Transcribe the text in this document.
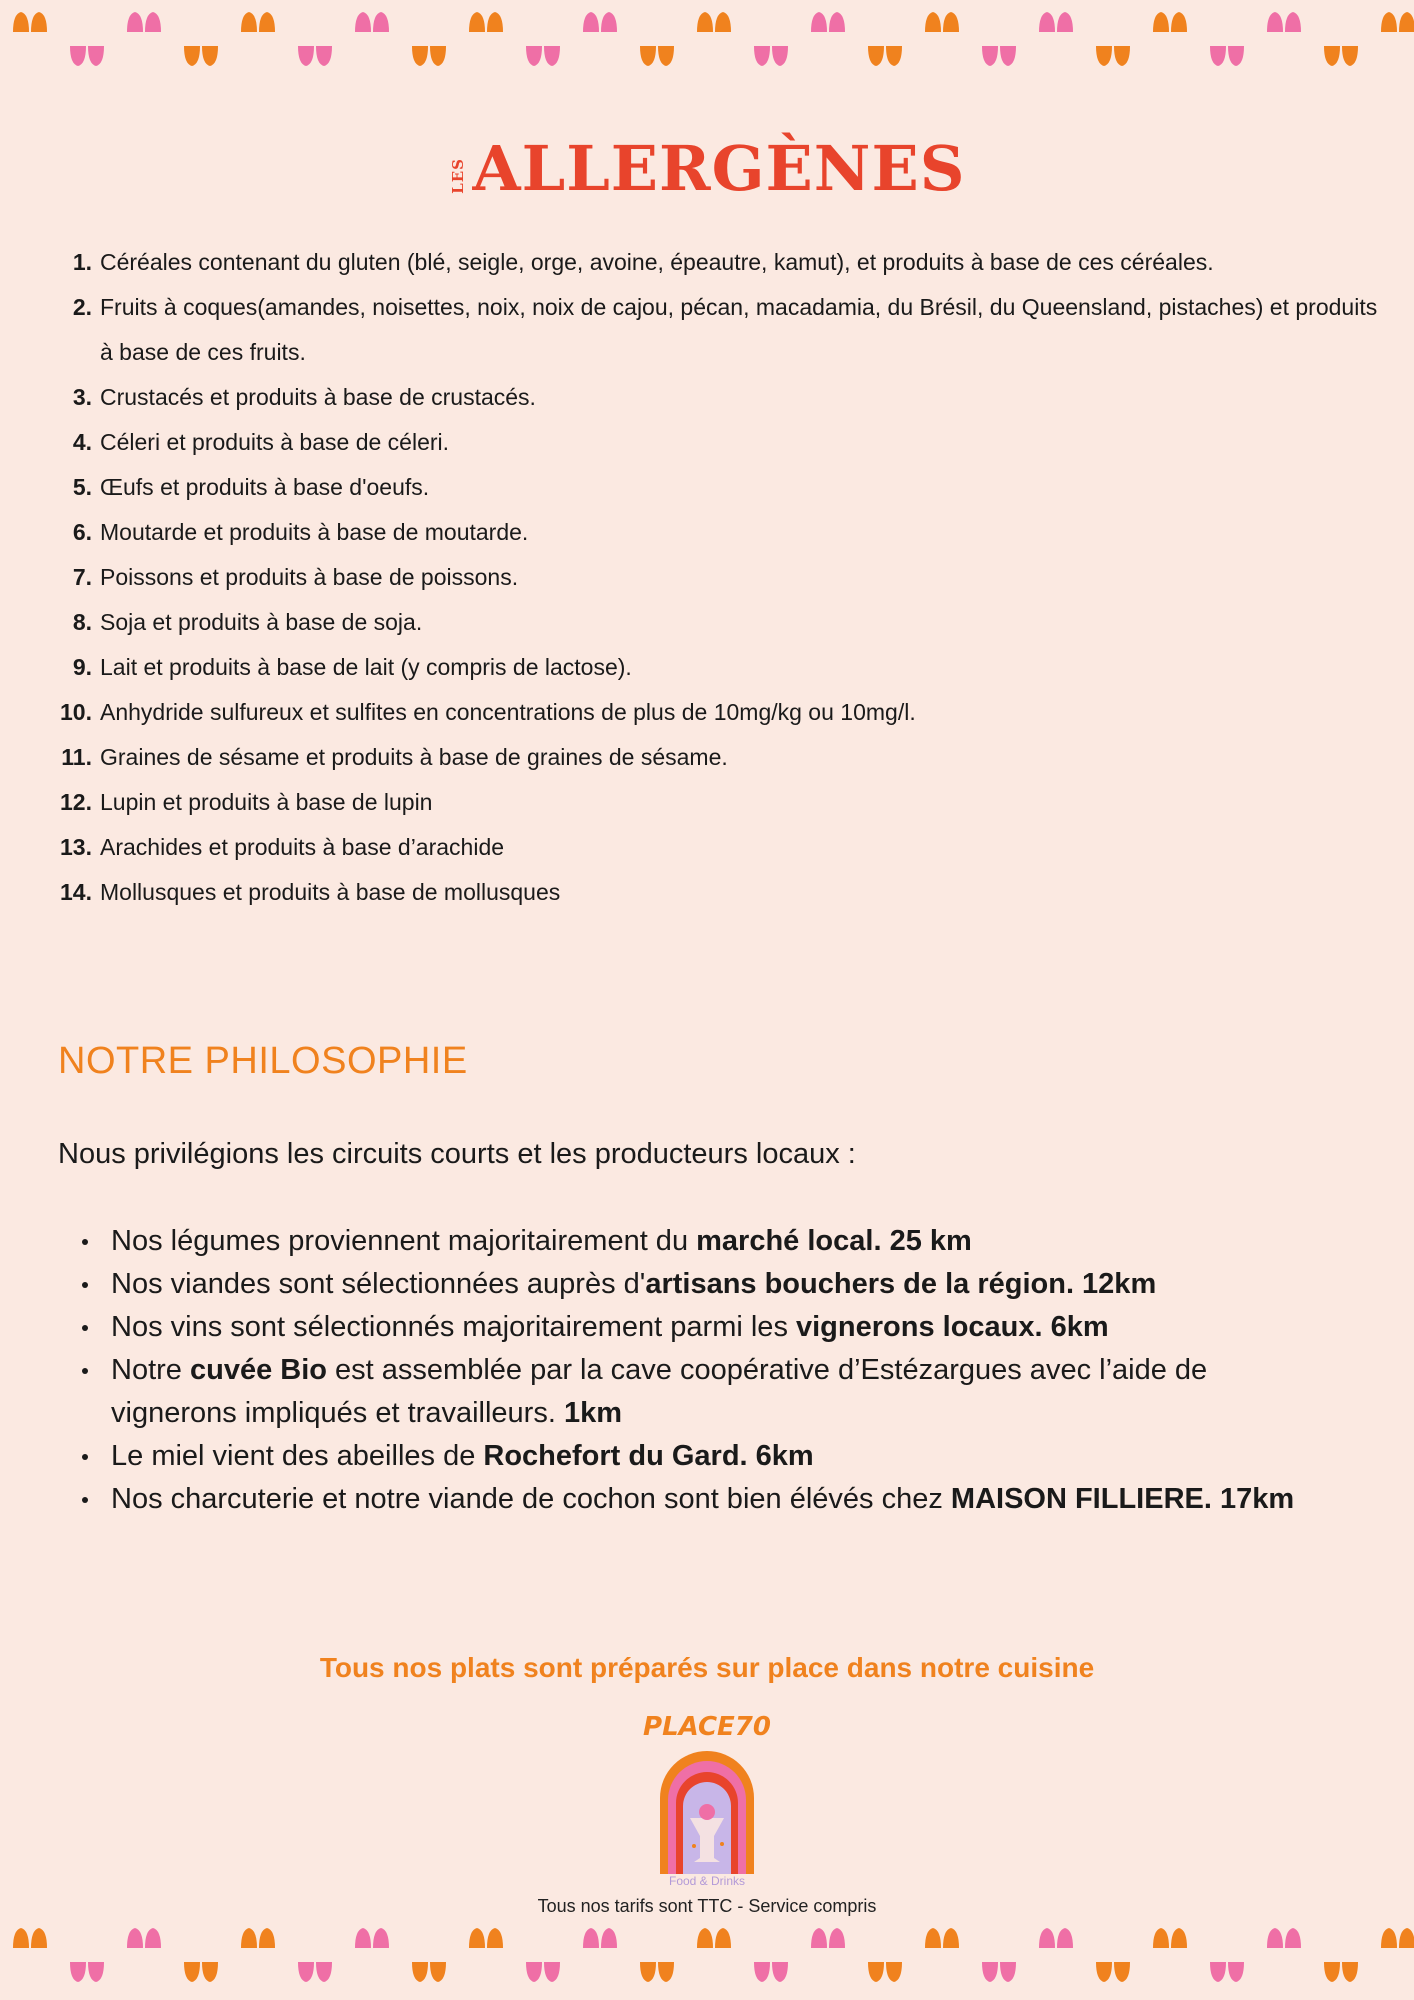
LES ALLERGÈNES
1. Céréales contenant du gluten (blé, seigle, orge, avoine, épeautre, kamut), et produits à base de ces céréales.
2. Fruits à coques(amandes, noisettes, noix, noix de cajou, pécan, macadamia, du Brésil, du Queensland, pistaches) et produits à base de ces fruits.
3. Crustacés et produits à base de crustacés.
4. Céleri et produits à base de céleri.
5. Œufs et produits à base d'oeufs.
6. Moutarde et produits à base de moutarde.
7. Poissons et produits à base de poissons.
8. Soja et produits à base de soja.
9. Lait et produits à base de lait (y compris de lactose).
10. Anhydride sulfureux et sulfites en concentrations de plus de 10mg/kg ou 10mg/l.
11. Graines de sésame et produits à base de graines de sésame.
12. Lupin et produits à base de lupin
13. Arachides et produits à base d’arachide
14. Mollusques et produits à base de mollusques
NOTRE PHILOSOPHIE
Nous privilégions les circuits courts et les producteurs locaux :
Nos légumes proviennent majoritairement du marché local. 25 km
Nos viandes sont sélectionnées auprès d'artisans bouchers de la région. 12km
Nos vins sont sélectionnés majoritairement parmi les vignerons locaux. 6km
Notre cuvée Bio est assemblée par la cave coopérative d’Estézargues avec l’aide de vignerons impliqués et travailleurs. 1km
Le miel vient des abeilles de Rochefort du Gard. 6km
Nos charcuterie et notre viande de cochon sont bien élévés chez MAISON FILLIERE. 17km
Tous nos plats sont préparés sur place dans notre cuisine
PLACE70
Food & Drinks
Tous nos tarifs sont TTC - Service compris
